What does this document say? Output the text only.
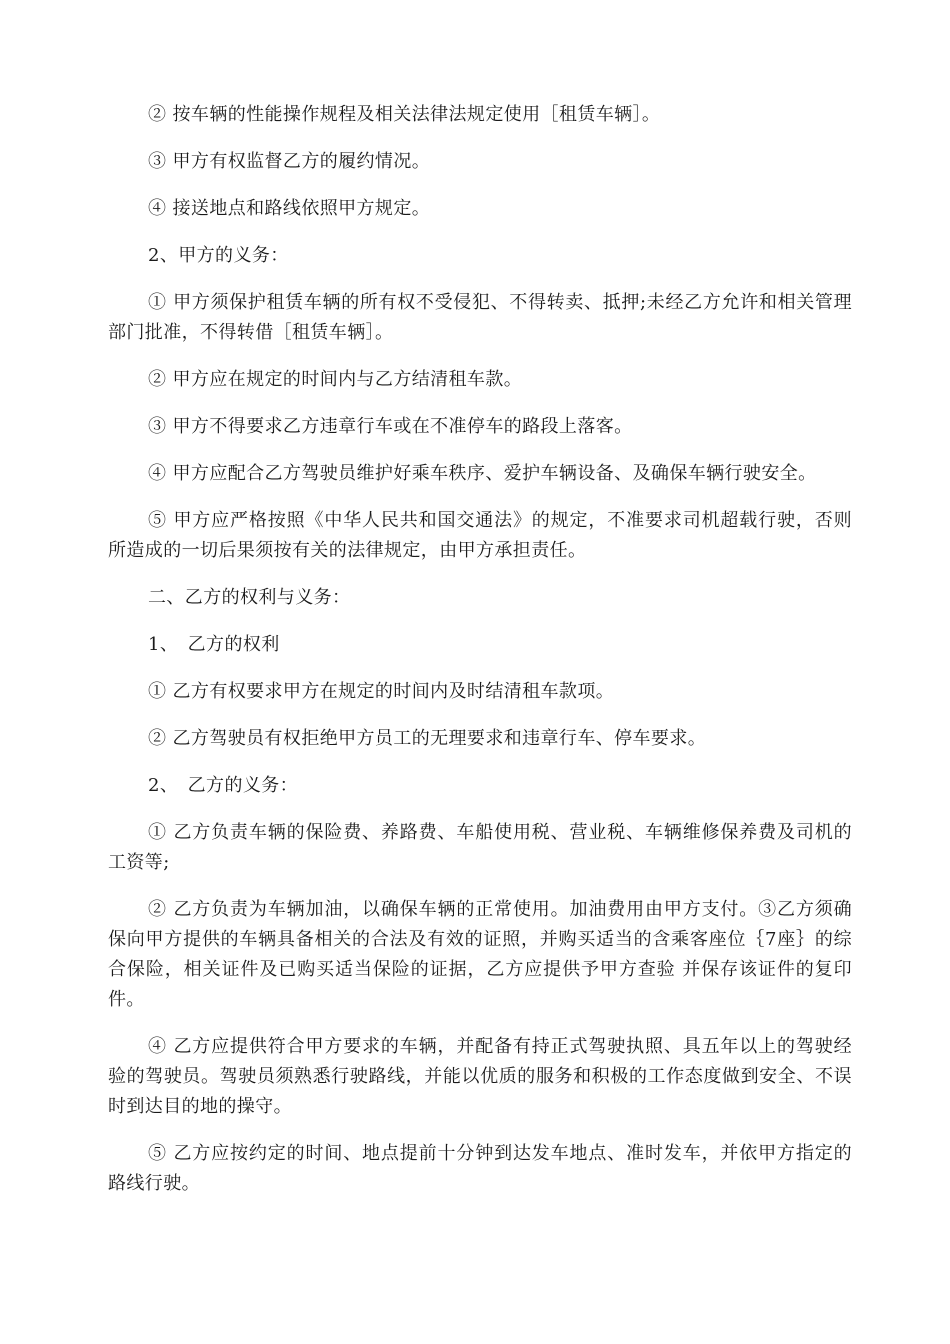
② 按车辆的性能操作规程及相关法律法规定使用［租赁车辆］。

③ 甲方有权监督乙方的履约情况。

④ 接送地点和路线依照甲方规定。

2、甲方的义务：

① 甲方须保护租赁车辆的所有权不受侵犯、不得转卖、抵押;未经乙方允许和相关管理部门批准，不得转借［租赁车辆］。

② 甲方应在规定的时间内与乙方结清租车款。

③ 甲方不得要求乙方违章行车或在不准停车的路段上落客。

④ 甲方应配合乙方驾驶员维护好乘车秩序、爱护车辆设备、及确保车辆行驶安全。

⑤ 甲方应严格按照《中华人民共和国交通法》的规定，不准要求司机超载行驶，否则所造成的一切后果须按有关的法律规定，由甲方承担责任。

二、乙方的权利与义务：

1、　乙方的权利

① 乙方有权要求甲方在规定的时间内及时结清租车款项。

② 乙方驾驶员有权拒绝甲方员工的无理要求和违章行车、停车要求。

2、　乙方的义务：

① 乙方负责车辆的保险费、养路费、车船使用税、营业税、车辆维修保养费及司机的工资等;

② 乙方负责为车辆加油，以确保车辆的正常使用。加油费用由甲方支付。③乙方须确保向甲方提供的车辆具备相关的合法及有效的证照，并购买适当的含乘客座位｛7座｝的综合保险，相关证件及已购买适当保险的证据，乙方应提供予甲方查验 并保存该证件的复印件。

④ 乙方应提供符合甲方要求的车辆，并配备有持正式驾驶执照、具五年以上的驾驶经验的驾驶员。驾驶员须熟悉行驶路线，并能以优质的服务和积极的工作态度做到安全、不误时到达目的地的操守。

⑤ 乙方应按约定的时间、地点提前十分钟到达发车地点、准时发车，并依甲方指定的路线行驶。
